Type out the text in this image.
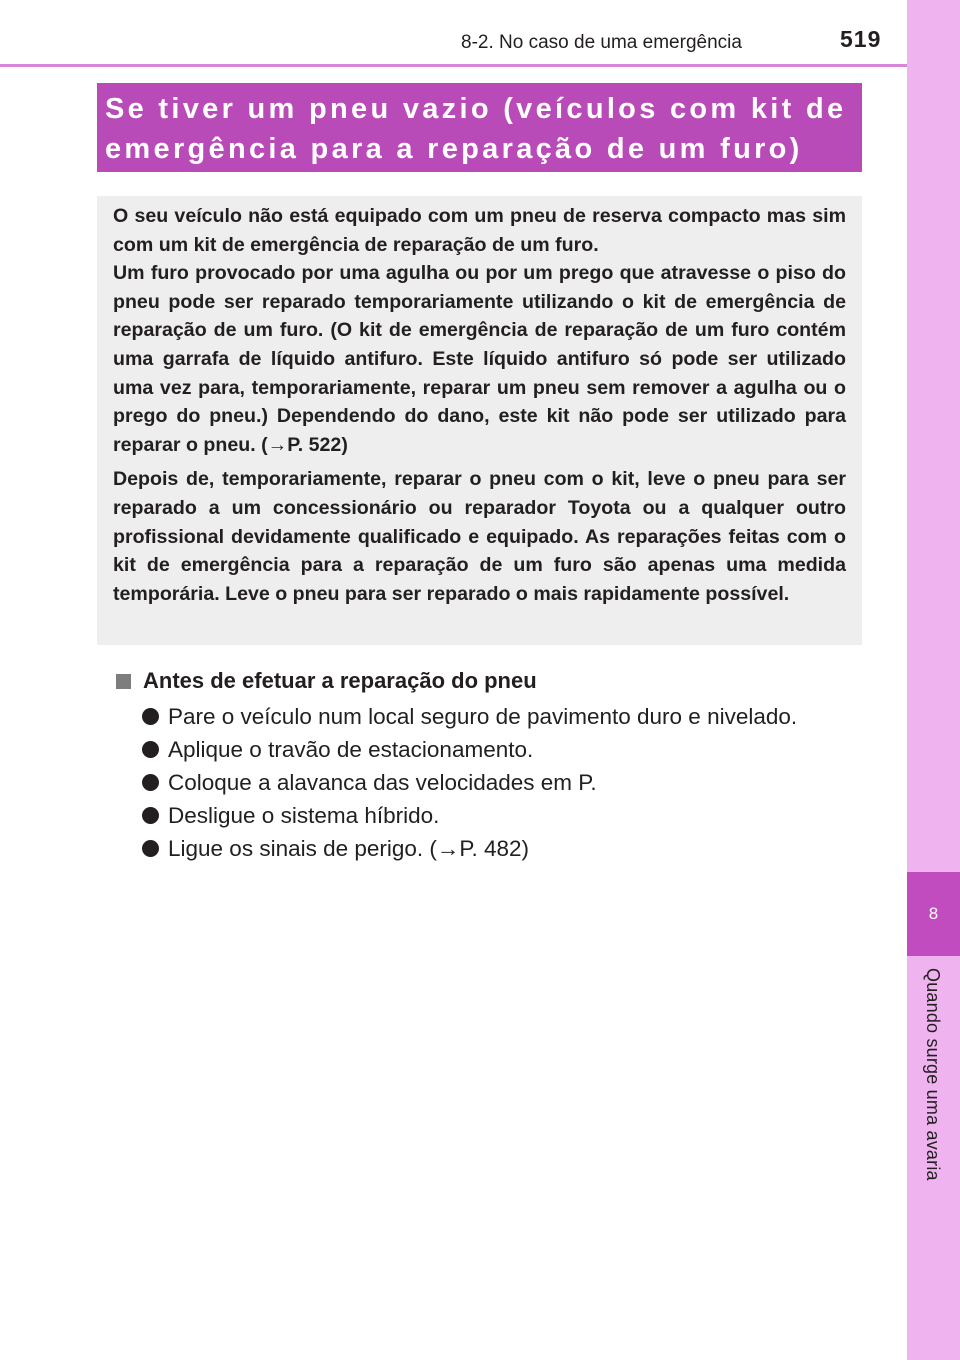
8
Quando surge uma avaria
519
8-2. No caso de uma emergência
Se tiver um pneu vazio (veículos com kit de
emergência para a reparação de um furo)

O seu veículo não está equipado com um pneu de reserva compacto mas sim com um kit de emergência de reparação de um furo.

Um furo provocado por uma agulha ou por um prego que atravesse o piso do pneu pode ser reparado temporariamente utilizando o kit de emergência de reparação de um furo. (O kit de emergência de reparação de um furo contém uma garrafa de líquido antifuro. Este líquido antifuro só pode ser utilizado uma vez para, temporariamente, reparar um pneu sem remover a agulha ou o prego do pneu.) Dependendo do dano, este kit não pode ser utilizado para reparar o pneu. (→P. 522)

Depois de, temporariamente, reparar o pneu com o kit, leve o pneu para ser reparado a um concessionário ou reparador Toyota ou a qualquer outro profissional devidamente qualificado e equipado. As reparações feitas com o kit de emergência para a reparação de um furo são apenas uma medida temporária. Leve o pneu para ser reparado o mais rapidamente possível.

Antes de efetuar a reparação do pneu
Pare o veículo num local seguro de pavimento duro e nivelado.
Aplique o travão de estacionamento.
Coloque a alavanca das velocidades em P.
Desligue o sistema híbrido.
Ligue os sinais de perigo. (→P. 482)
